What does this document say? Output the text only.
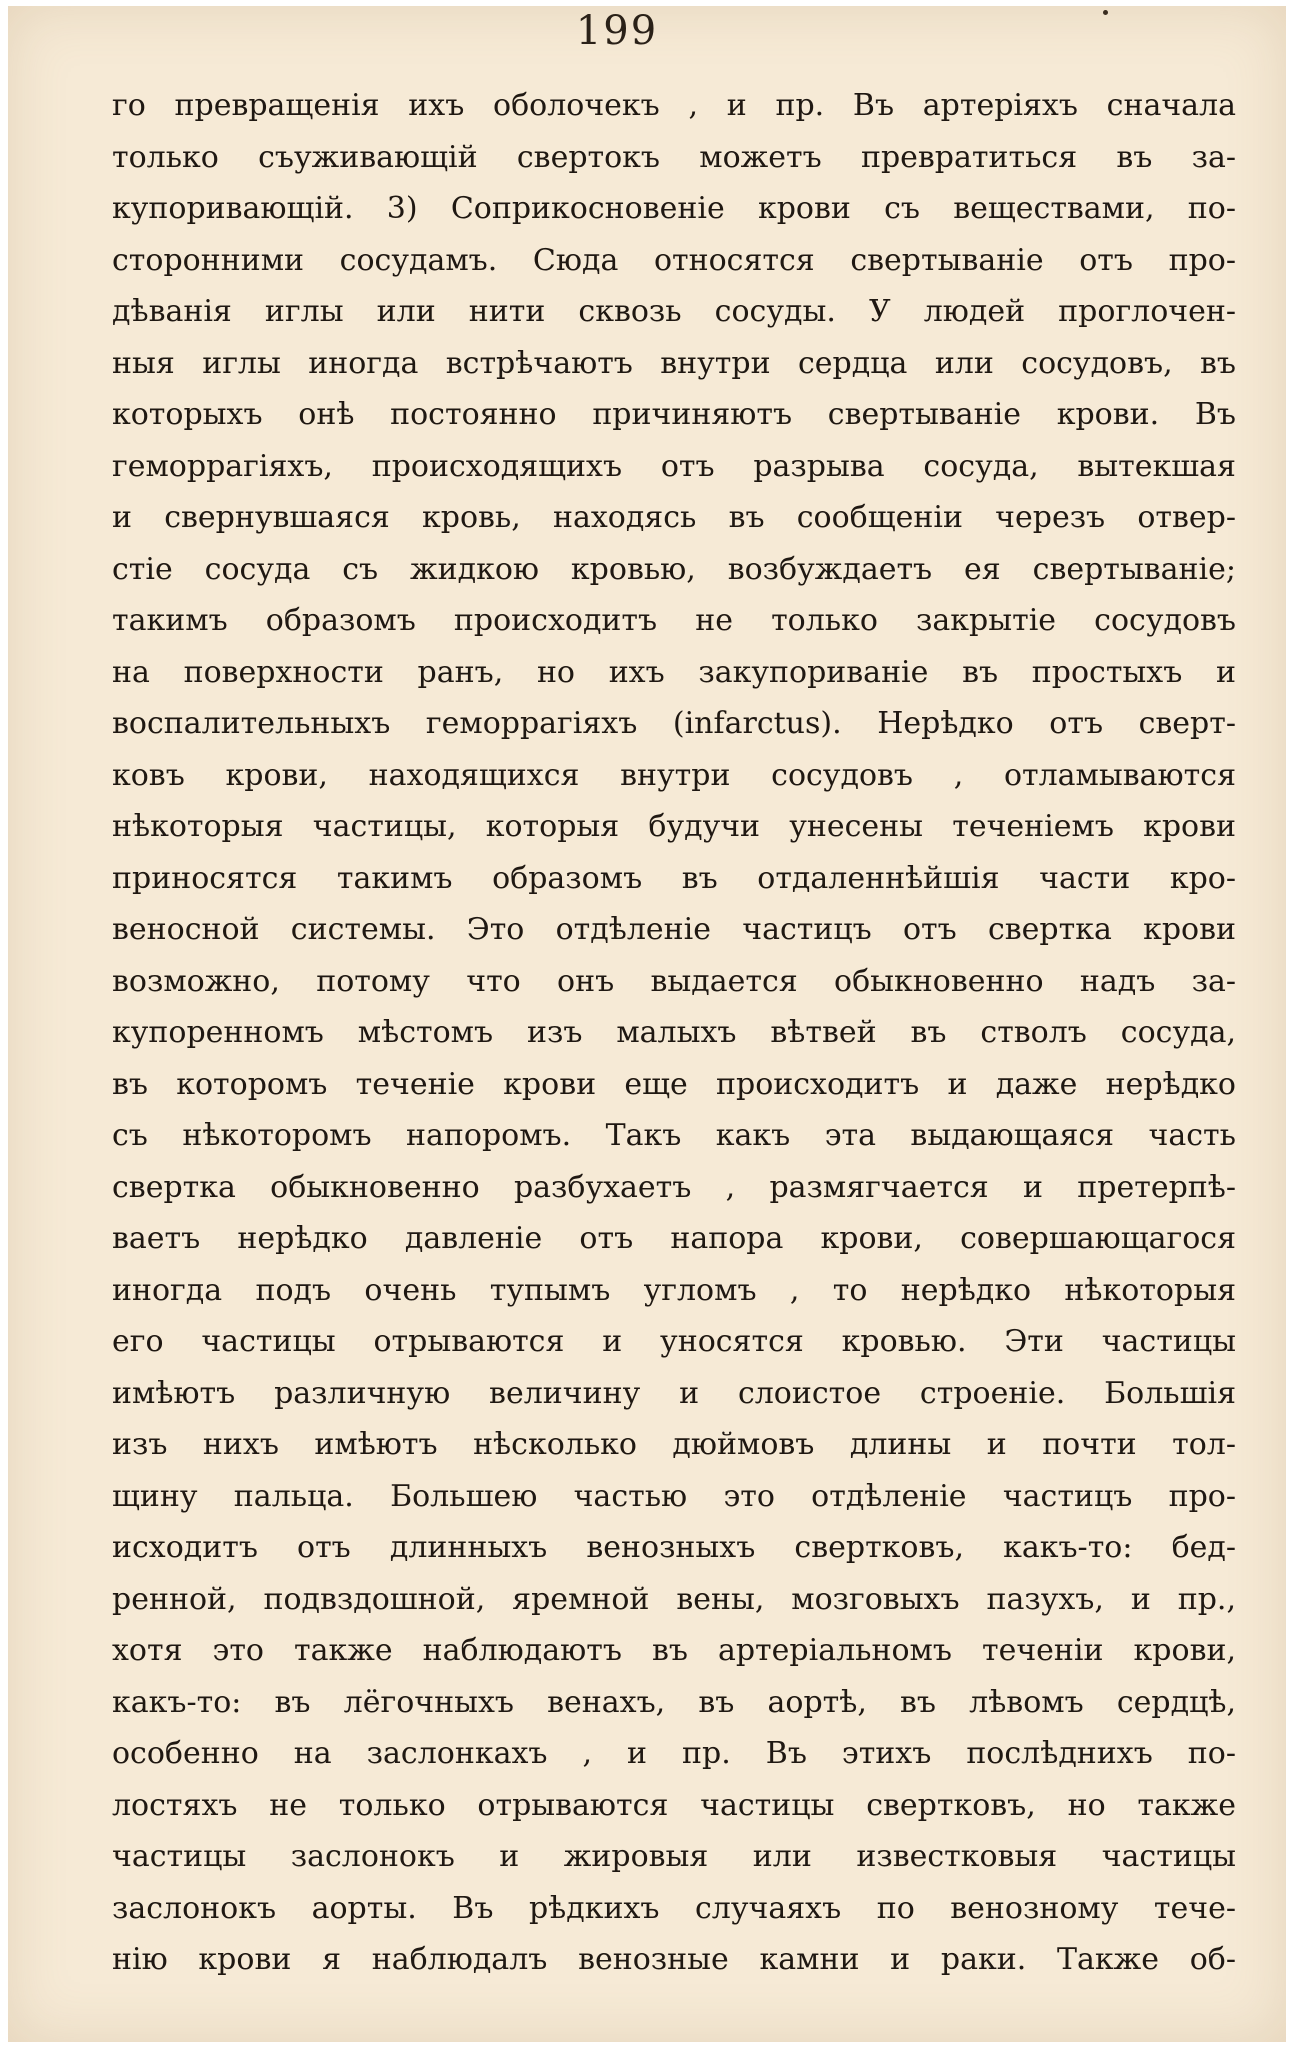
199
го превращенія ихъ оболочекъ , и пр. Въ артеріяхъ сначала
только съуживающій свертокъ можетъ превратиться въ за-
купоривающій. 3) Соприкосновеніе крови съ веществами, по-
сторонними сосудамъ. Сюда относятся свертываніе отъ про-
дѣванія иглы или нити сквозь сосуды. У людей проглочен-
ныя иглы иногда встрѣчаютъ внутри сердца или сосудовъ, въ
которыхъ онѣ постоянно причиняютъ свертываніе крови. Въ
геморрагіяхъ, происходящихъ отъ разрыва сосуда, вытекшая
и свернувшаяся кровь, находясь въ сообщеніи черезъ отвер-
стіе сосуда съ жидкою кровью, возбуждаетъ ея свертываніе;
такимъ образомъ происходитъ не только закрытіе сосудовъ
на поверхности ранъ, но ихъ закупориваніе въ простыхъ и
воспалительныхъ геморрагіяхъ (infarctus). Нерѣдко отъ сверт-
ковъ крови, находящихся внутри сосудовъ , отламываются
нѣкоторыя частицы, которыя будучи унесены теченіемъ крови
приносятся такимъ образомъ въ отдаленнѣйшія части кро-
веносной системы. Это отдѣленіе частицъ отъ свертка крови
возможно, потому что онъ выдается обыкновенно надъ за-
купоренномъ мѣстомъ изъ малыхъ вѣтвей въ стволъ сосуда,
въ которомъ теченіе крови еще происходитъ и даже нерѣдко
съ нѣкоторомъ напоромъ. Такъ какъ эта выдающаяся часть
свертка обыкновенно разбухаетъ , размягчается и претерпѣ-
ваетъ нерѣдко давленіе отъ напора крови, совершающагося
иногда подъ очень тупымъ угломъ , то нерѣдко нѣкоторыя
его частицы отрываются и уносятся кровью. Эти частицы
имѣютъ различную величину и слоистое строеніе. Большія
изъ нихъ имѣютъ нѣсколько дюймовъ длины и почти тол-
щину пальца. Большею частью это отдѣленіе частицъ про-
исходитъ отъ длинныхъ венозныхъ свертковъ, какъ-то: бед-
ренной, подвздошной, яремной вены, мозговыхъ пазухъ, и пр.,
хотя это также наблюдаютъ въ артеріальномъ теченіи крови,
какъ-то: въ лёгочныхъ венахъ, въ аортѣ, въ лѣвомъ сердцѣ,
особенно на заслонкахъ , и пр. Въ этихъ послѣднихъ по-
лостяхъ не только отрываются частицы свертковъ, но также
частицы заслонокъ и жировыя или известковыя частицы
заслонокъ аорты. Въ рѣдкихъ случаяхъ по венозному тече-
нію крови я наблюдалъ венозные камни и раки. Также об-
